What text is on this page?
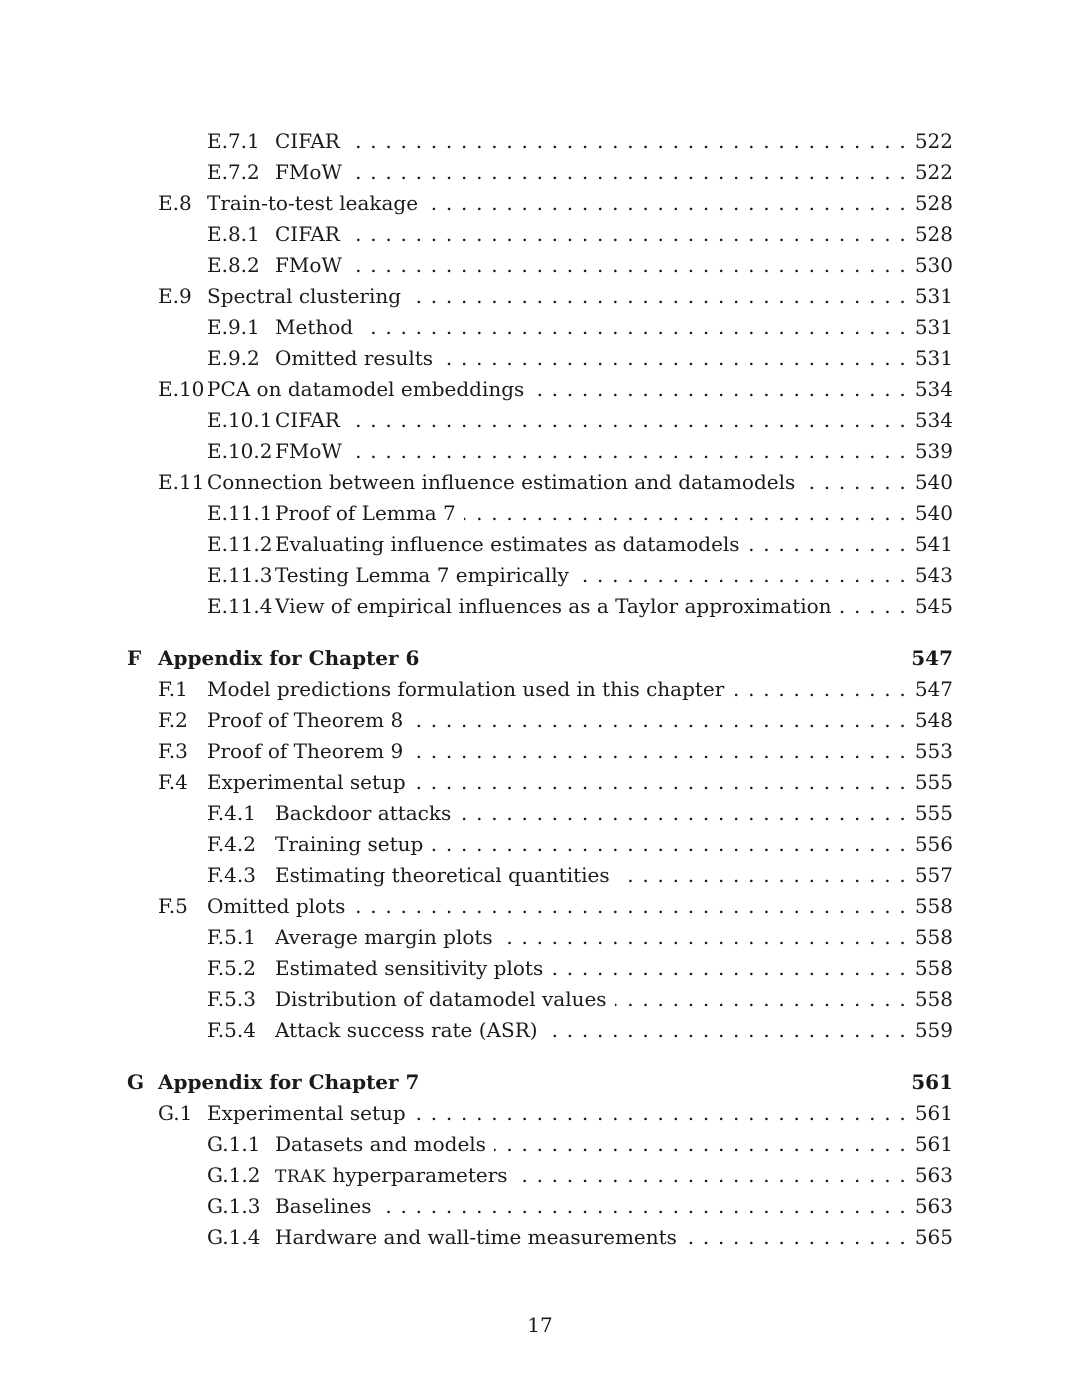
E.7.1 CIFAR . . .	522
E.7.2 FMoW . . .	522
E.8 Train-to-test leakage . . .	528
E.8.1 CIFAR . . .	528
E.8.2 FMoW . . .	530
E.9 Spectral clustering . . .	531
E.9.1 Method . . .	531
E.9.2 Omitted results . . .	531
E.10 PCA on datamodel embeddings . . .	534
E.10.1 CIFAR . . .	534
E.10.2 FMoW . . .	539
E.11 Connection between influence estimation and datamodels . . .	540
E.11.1 Proof of Lemma 7 . . .	540
E.11.2 Evaluating influence estimates as datamodels . . .	541
E.11.3 Testing Lemma 7 empirically . . .	543
E.11.4 View of empirical influences as a Taylor approximation . . .	545
F Appendix for Chapter 6	547
F.1 Model predictions formulation used in this chapter . . .	547
F.2 Proof of Theorem 8 . . .	548
F.3 Proof of Theorem 9 . . .	553
F.4 Experimental setup . . .	555
F.4.1 Backdoor attacks . . .	555
F.4.2 Training setup . . .	556
F.4.3 Estimating theoretical quantities . . .	557
F.5 Omitted plots . . .	558
F.5.1 Average margin plots . . .	558
F.5.2 Estimated sensitivity plots . . .	558
F.5.3 Distribution of datamodel values . . .	558
F.5.4 Attack success rate (ASR) . . .	559
G Appendix for Chapter 7	561
G.1 Experimental setup . . .	561
G.1.1 Datasets and models . . .	561
G.1.2 TRAK hyperparameters . . .	563
G.1.3 Baselines . . .	563
G.1.4 Hardware and wall-time measurements . . .	565
17
